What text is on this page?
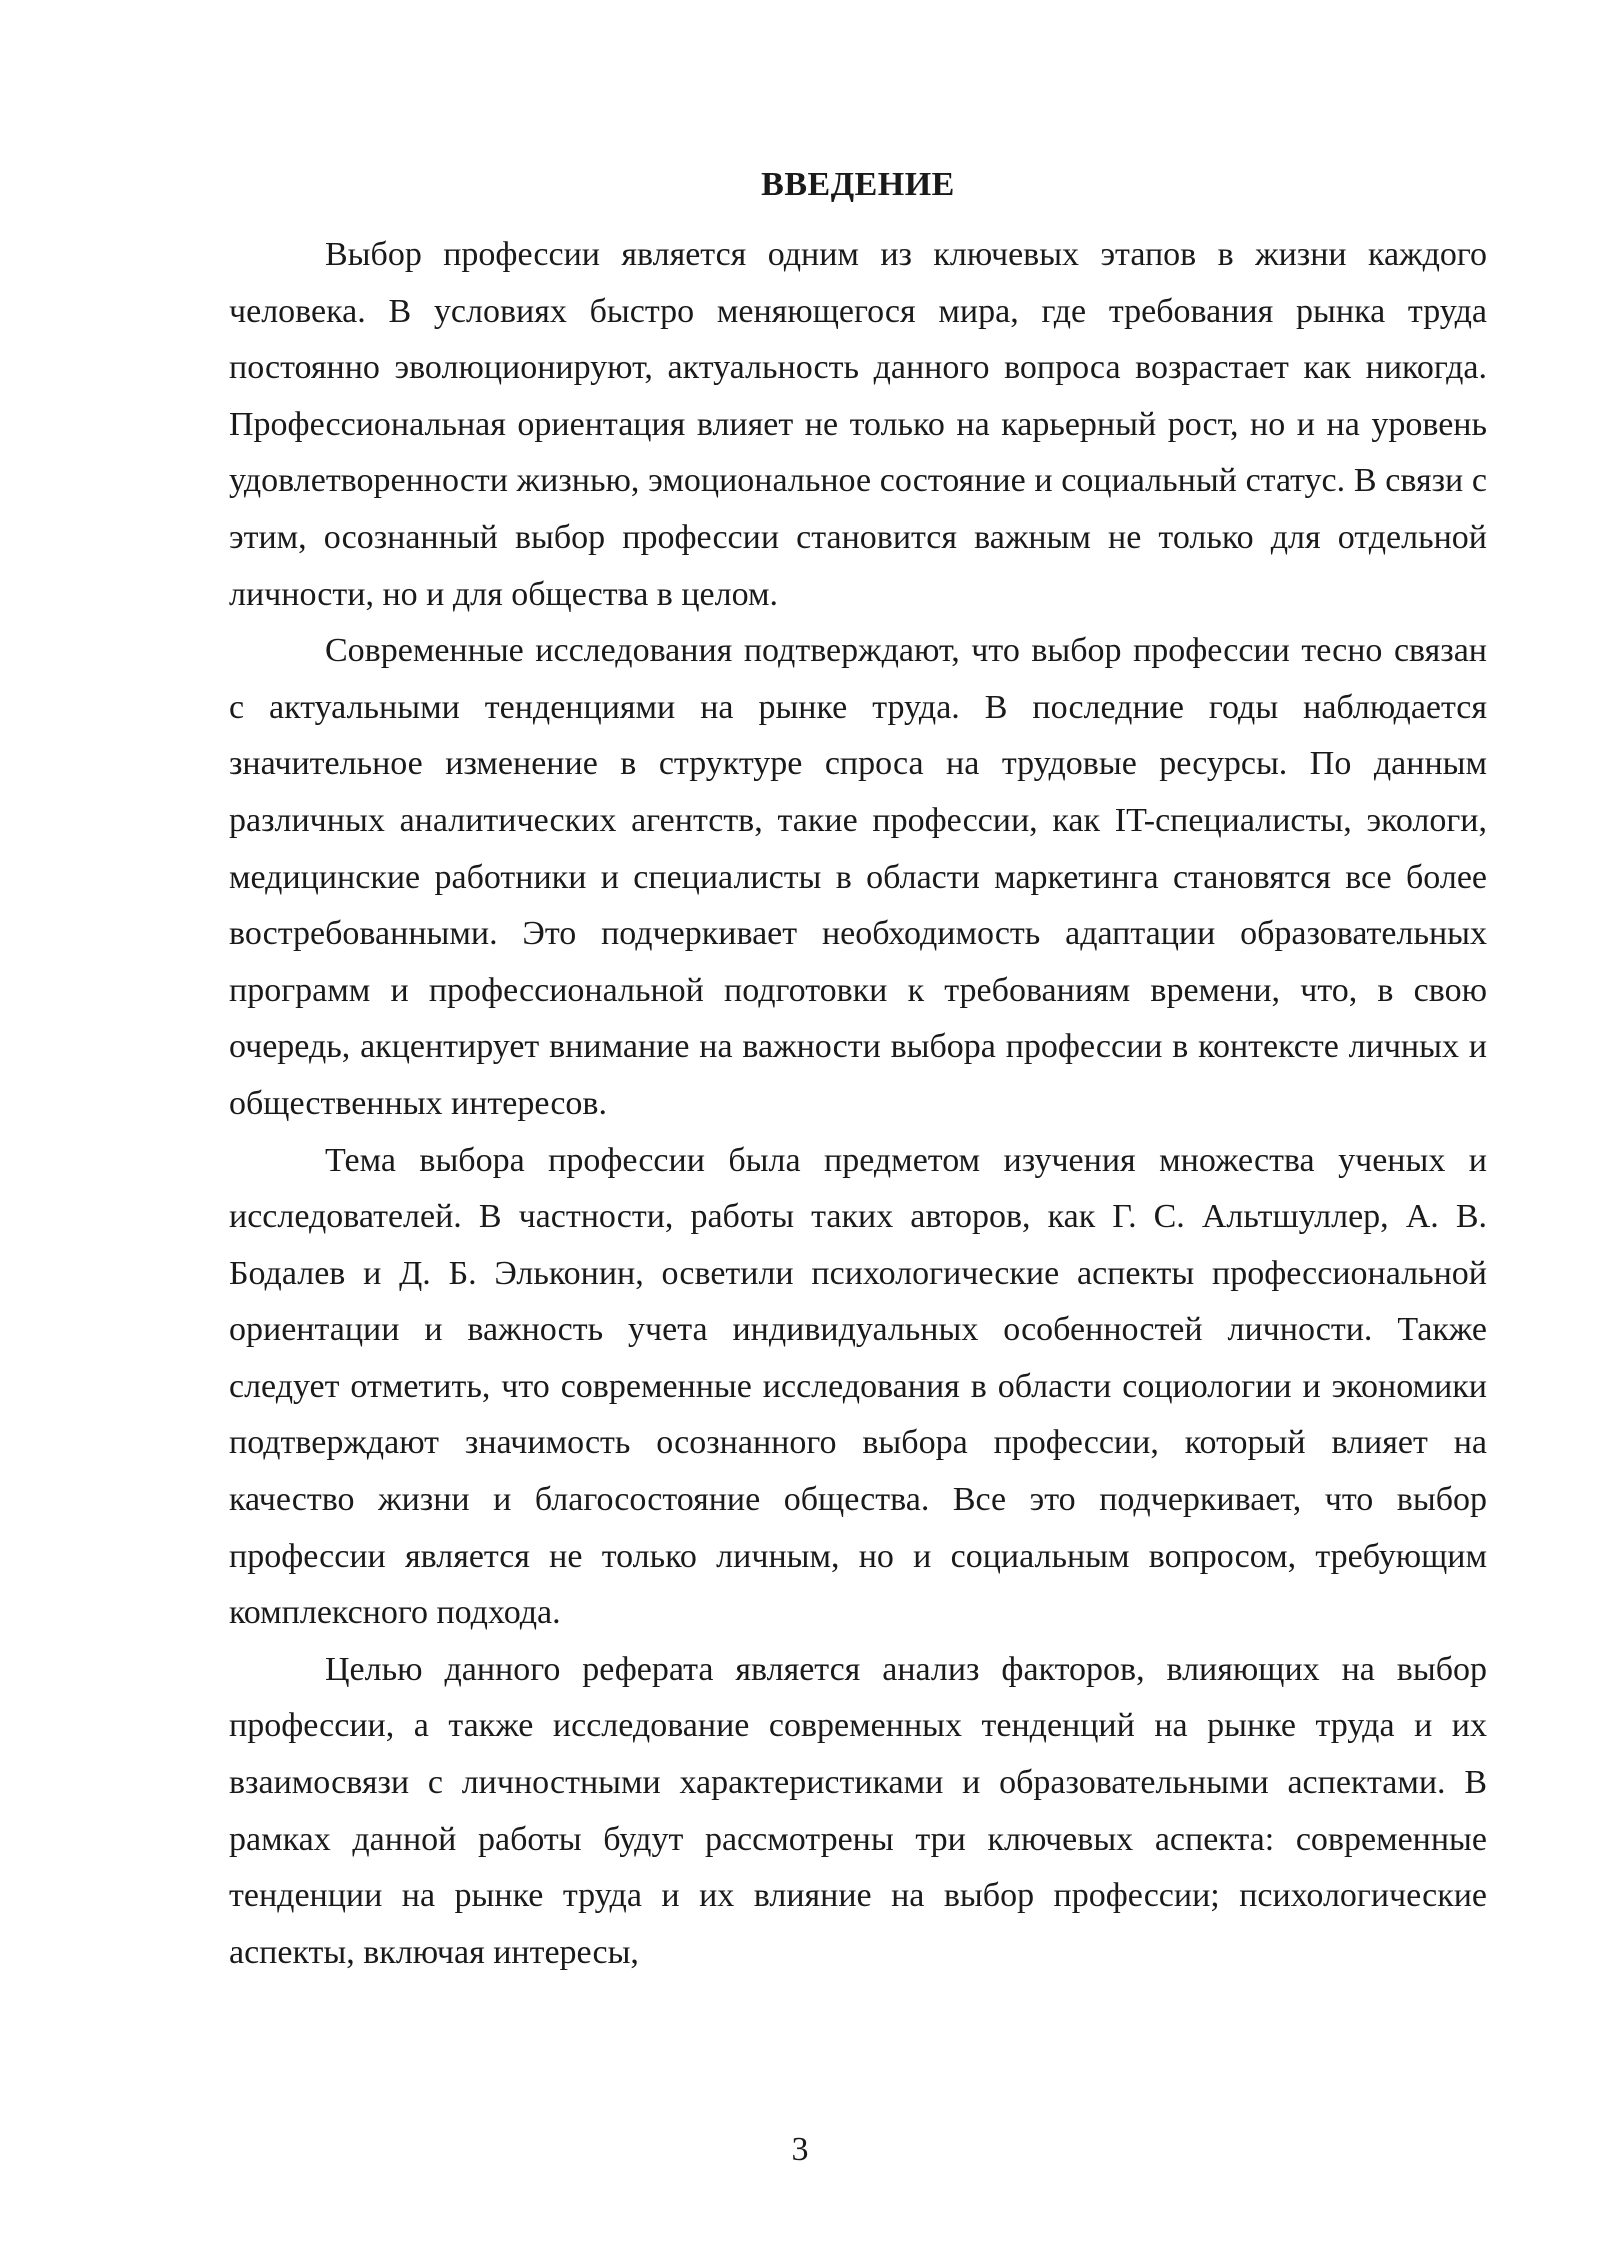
ВВЕДЕНИЕ

Выбор профессии является одним из ключевых этапов в жизни каждого человека. В условиях быстро меняющегося мира, где требования рынка труда постоянно эволюционируют, актуальность данного вопроса возрастает как никогда. Профессиональная ориентация влияет не только на карьерный рост, но и на уровень удовлетворенности жизнью, эмоциональное состояние и социальный статус. В связи с этим, осознанный выбор профессии становится важным не только для отдельной личности, но и для общества в целом.

Современные исследования подтверждают, что выбор профессии тесно связан с актуальными тенденциями на рынке труда. В последние годы наблюдается значительное изменение в структуре спроса на трудовые ресурсы. По данным различных аналитических агентств, такие профессии, как IT-специалисты, экологи, медицинские работники и специалисты в области маркетинга становятся все более востребованными. Это подчеркивает необходимость адаптации образовательных программ и профессиональной подготовки к требованиям времени, что, в свою очередь, акцентирует внимание на важности выбора профессии в контексте личных и общественных интересов.

Тема выбора профессии была предметом изучения множества ученых и исследователей. В частности, работы таких авторов, как Г. С. Альтшуллер, А. В. Бодалев и Д. Б. Эльконин, осветили психологические аспекты профессиональной ориентации и важность учета индивидуальных особенностей личности. Также следует отметить, что современные исследования в области социологии и экономики подтверждают значимость осознанного выбора профессии, который влияет на качество жизни и благосостояние общества. Все это подчеркивает, что выбор профессии является не только личным, но и социальным вопросом, требующим комплексного подхода.

Целью данного реферата является анализ факторов, влияющих на выбор профессии, а также исследование современных тенденций на рынке труда и их взаимосвязи с личностными характеристиками и образовательными аспектами. В рамках данной работы будут рассмотрены три ключевых аспекта: современные тенденции на рынке труда и их влияние на выбор профессии; психологические аспекты, включая интересы,

3
